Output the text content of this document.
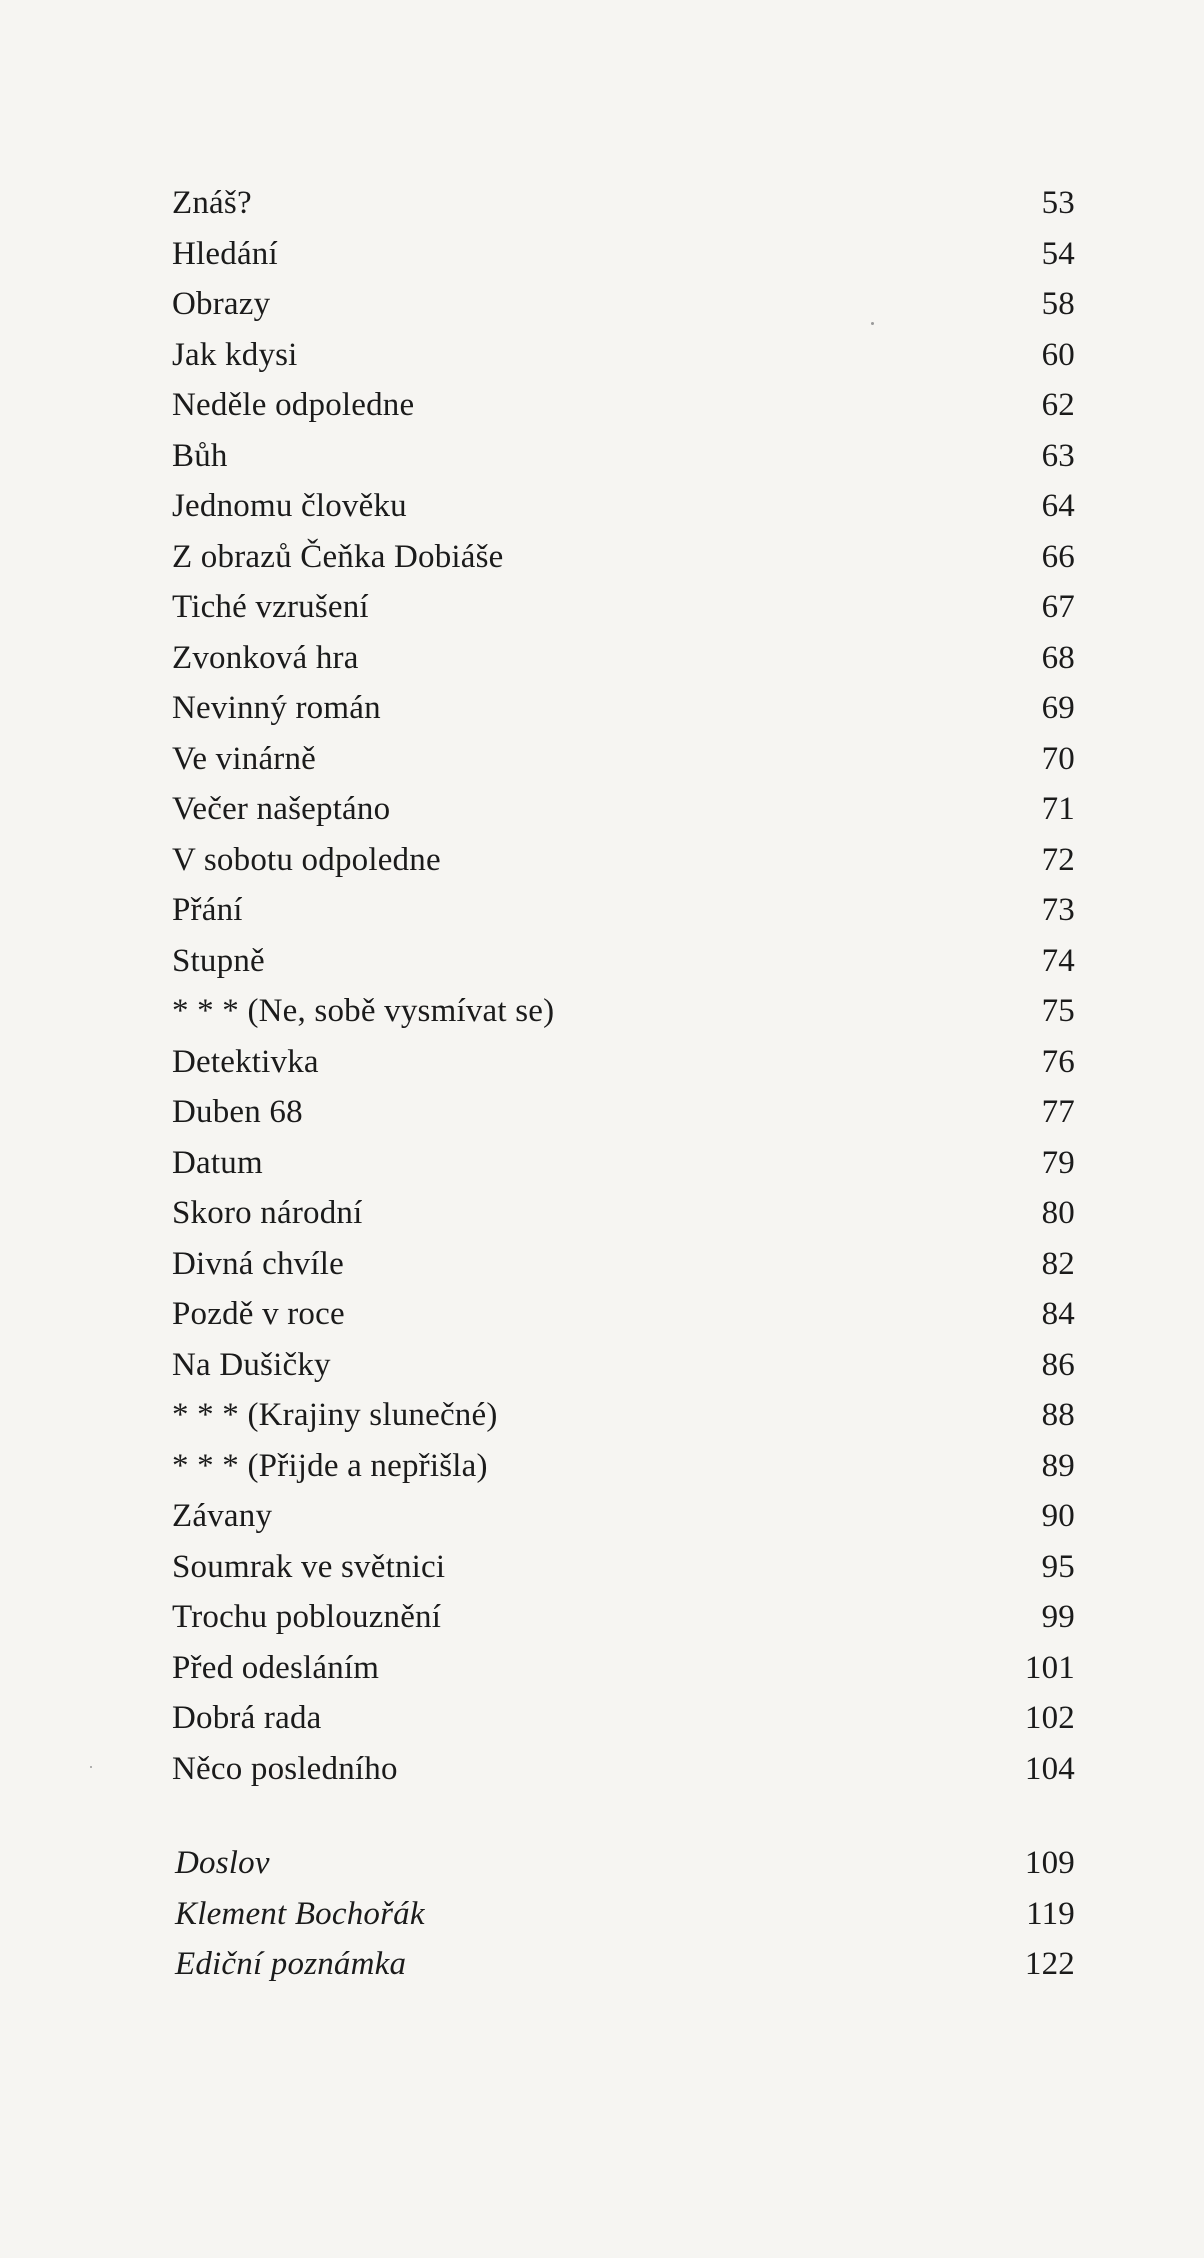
Znáš?	53
Hledání	54
Obrazy	58
Jak kdysi	60
Neděle odpoledne	62
Bůh	63
Jednomu člověku	64
Z obrazů Čeňka Dobiáše	66
Tiché vzrušení	67
Zvonková hra	68
Nevinný román	69
Ve vinárně	70
Večer našeptáno	71
V sobotu odpoledne	72
Přání	73
Stupně	74
* * * (Ne, sobě vysmívat se)	75
Detektivka	76
Duben 68	77
Datum	79
Skoro národní	80
Divná chvíle	82
Pozdě v roce	84
Na Dušičky	86
* * * (Krajiny slunečné)	88
* * * (Přijde a nepřišla)	89
Závany	90
Soumrak ve světnici	95
Trochu poblouznění	99
Před odesláním	101
Dobrá rada	102
Něco posledního	104
Doslov	109
Klement Bochořák	119
Ediční poznámka	122
